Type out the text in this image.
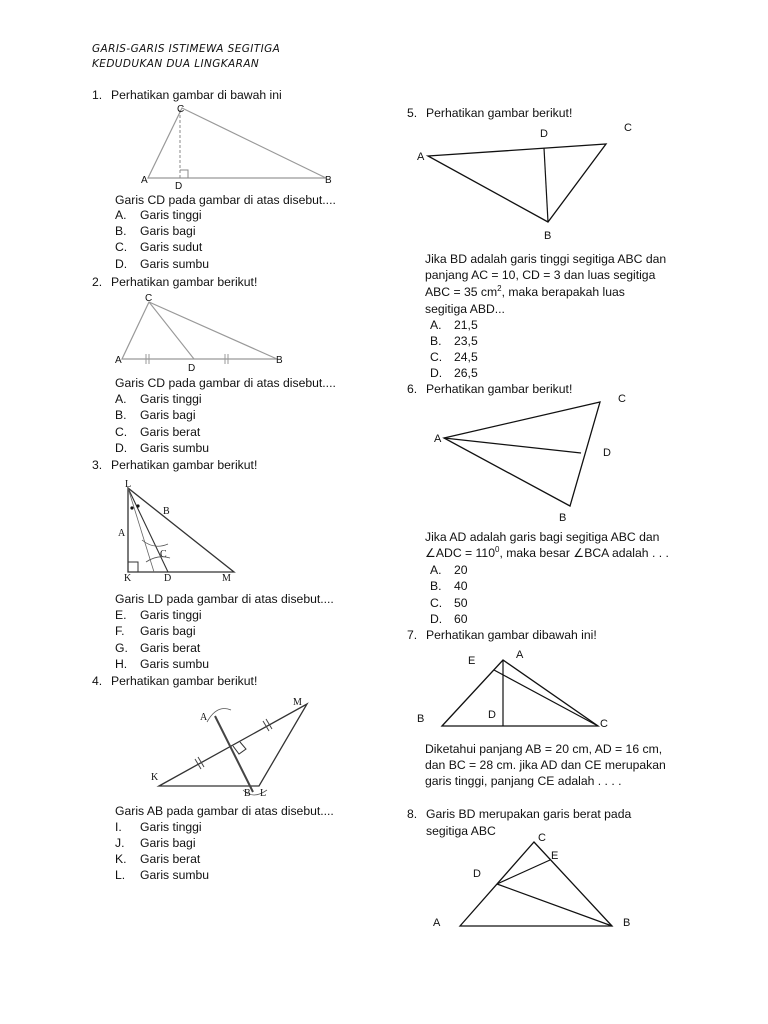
GARIS-GARIS ISTIMEWA SEGITIGA
KEDUDUKAN DUA LINGKARAN
1. Perhatikan gambar di bawah ini
C
A
D
B
Garis CD pada gambar di atas disebut....
A. Garis tinggi
B. Garis bagi
C. Garis sudut
D. Garis sumbu
2. Perhatikan gambar berikut!
C
A
D
B
Garis CD pada gambar di atas disebut....
A. Garis tinggi
B. Garis bagi
C. Garis berat
D. Garis sumbu
3. Perhatikan gambar berikut!
L
A
B
C
K	D	M
Garis LD pada gambar di atas disebut....
E. Garis tinggi
F. Garis bagi
G. Garis berat
H. Garis sumbu
4. Perhatikan gambar berikut!
A
M
K
B L
Garis AB pada gambar di atas disebut....
I. Garis tinggi
J. Garis bagi
K. Garis berat
L. Garis sumbu
5. Perhatikan gambar berikut!
D	C
A
B
Jika BD adalah garis tinggi segitiga ABC dan
panjang AC = 10, CD = 3 dan luas segitiga
ABC = 35 $cm^2$, maka berapakah luas
segitiga ABD...
A. 21,5
B. 23,5
C. 24,5
D. 26,5
6. Perhatikan gambar berikut!
C
A
D
B
Jika AD adalah garis bagi segitiga ABC dan
∠ADC = $110^0$, maka besar ∠BCA adalah . . .
A. 20
B. 40
C. 50
D. 60
7. Perhatikan gambar dibawah ini!
E	A
B	D
C
Diketahui panjang AB = 20 cm, AD = 16 cm,
dan BC = 28 cm. jika AD dan CE merupakan
garis tinggi, panjang CE adalah . . . .
8. Garis BD merupakan garis berat pada
segitiga ABC	C
E
D
A	B
